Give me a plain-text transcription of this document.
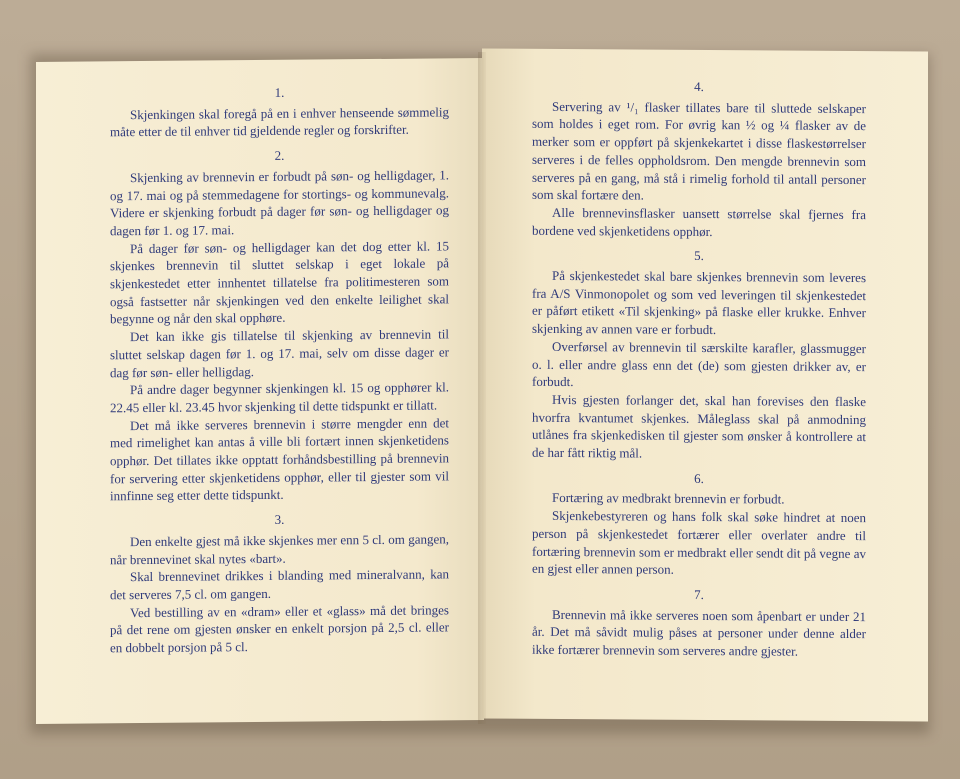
1.

Skjenkingen skal foregå på en i enhver henseende sømmelig måte etter de til enhver tid gjeldende regler og forskrifter.

2.

Skjenking av brennevin er forbudt på søn- og helligdager, 1. og 17. mai og på stemmedagene for stortings- og kommunevalg. Videre er skjenking forbudt på dager før søn- og helligdager og dagen før 1. og 17. mai.

På dager før søn- og helligdager kan det dog etter kl. 15 skjenkes brennevin til sluttet selskap i eget lokale på skjenkestedet etter innhentet tillatelse fra politimesteren som også fastsetter når skjenkingen ved den enkelte leilighet skal begynne og når den skal opphøre.

Det kan ikke gis tillatelse til skjenking av brennevin til sluttet selskap dagen før 1. og 17. mai, selv om disse dager er dag før søn- eller helligdag.

På andre dager begynner skjenkingen kl. 15 og opphører kl. 22.45 eller kl. 23.45 hvor skjenking til dette tidspunkt er tillatt.

Det må ikke serveres brennevin i større mengder enn det med rimelighet kan antas å ville bli fortært innen skjenketidens opphør. Det tillates ikke opptatt forhåndsbestilling på brennevin for servering etter skjenketidens opphør, eller til gjester som vil innfinne seg etter dette tidspunkt.

3.

Den enkelte gjest må ikke skjenkes mer enn 5 cl. om gangen, når brennevinet skal nytes «bart».

Skal brennevinet drikkes i blanding med mineralvann, kan det serveres 7,5 cl. om gangen.

Ved bestilling av en «dram» eller et «glass» må det bringes på det rene om gjesten ønsker en enkelt porsjon på 2,5 cl. eller en dobbelt porsjon på 5 cl.

4.

Servering av ¹/₁ flasker tillates bare til sluttede selskaper som holdes i eget rom. For øvrig kan ½ og ¼ flasker av de merker som er oppført på skjenkekartet i disse flaskestørrelser serveres i de felles oppholdsrom. Den mengde brennevin som serveres på en gang, må stå i rimelig forhold til antall personer som skal fortære den.

Alle brennevinsflasker uansett størrelse skal fjernes fra bordene ved skjenketidens opphør.

5.

På skjenkestedet skal bare skjenkes brennevin som leveres fra A/S Vinmonopolet og som ved leveringen til skjenkestedet er påført etikett «Til skjenking» på flaske eller krukke. Enhver skjenking av annen vare er forbudt.

Overførsel av brennevin til særskilte karafler, glassmugger o. l. eller andre glass enn det (de) som gjesten drikker av, er forbudt.

Hvis gjesten forlanger det, skal han forevises den flaske hvorfra kvantumet skjenkes. Måleglass skal på anmodning utlånes fra skjenkedisken til gjester som ønsker å kontrollere at de har fått riktig mål.

6.

Fortæring av medbrakt brennevin er forbudt.

Skjenkebestyreren og hans folk skal søke hindret at noen person på skjenkestedet fortærer eller overlater andre til fortæring brennevin som er medbrakt eller sendt dit på vegne av en gjest eller annen person.

7.

Brennevin må ikke serveres noen som åpenbart er under 21 år. Det må såvidt mulig påses at personer under denne alder ikke fortærer brennevin som serveres andre gjester.
